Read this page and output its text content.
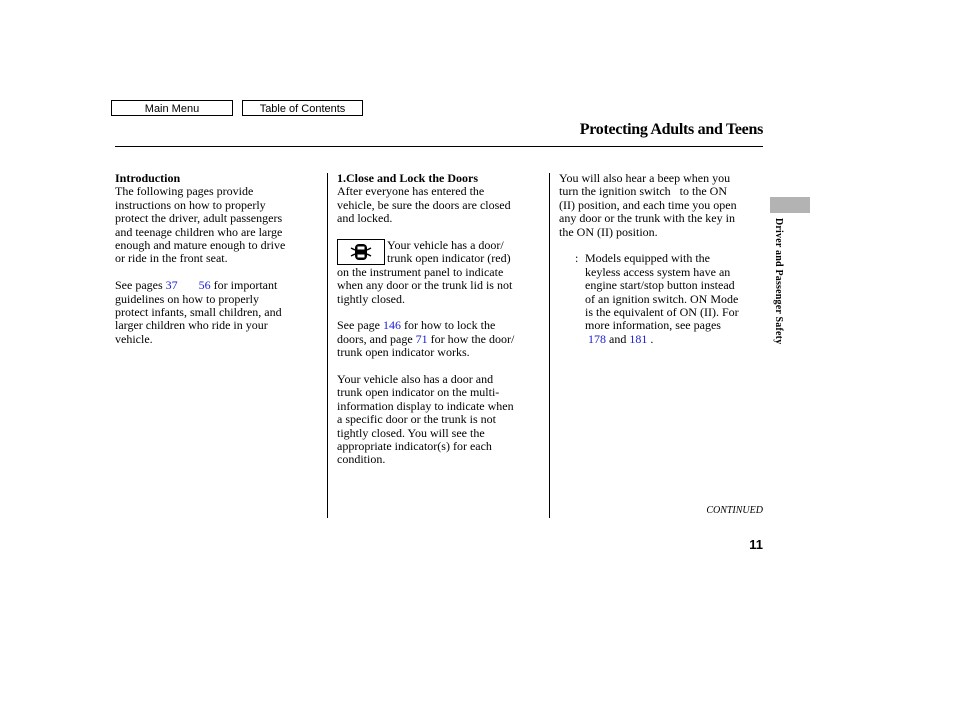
Main Menu	Table of Contents
Protecting Adults and Teens

Introduction

The following pages provide

instructions on how to properly

protect the driver, adult passengers

and teenage children who are large

enough and mature enough to drive

or ride in the front seat.

See pages 37 56 for important

guidelines on how to properly

protect infants, small children, and

larger children who ride in your

vehicle.

1.Close and Lock the Doors

After everyone has entered the

vehicle, be sure the doors are closed

and locked.

Your vehicle has a door/

trunk open indicator (red)

on the instrument panel to indicate

when any door or the trunk lid is not

tightly closed.

See page 146 for how to lock the

doors, and page 71 for how the door/

trunk open indicator works.

Your vehicle also has a door and

trunk open indicator on the multi-

information display to indicate when

a specific door or the trunk is not

tightly closed. You will see the

appropriate indicator(s) for each

condition.

You will also hear a beep when you

turn the ignition switch   to the ON

(II) position, and each time you open

any door or the trunk with the key in

the ON (II) position.

: Models equipped with the

keyless access system have an

engine start/stop button instead

of an ignition switch. ON Mode

is the equivalent of ON (II). For

more information, see pages

178 and 181 .	Driver and Passenger Safety
CONTINUED
11
